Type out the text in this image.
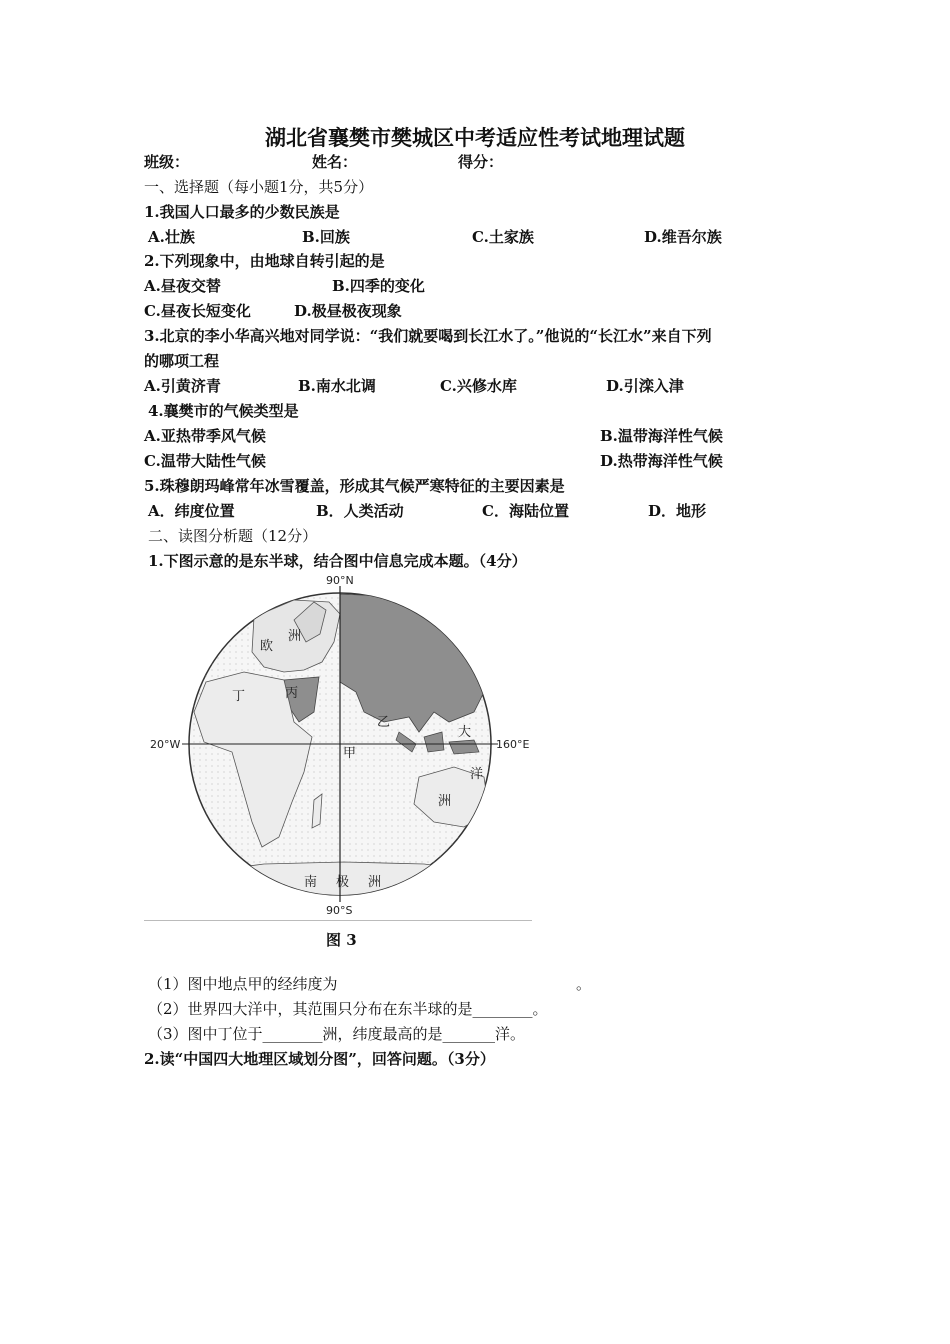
湖北省襄樊市樊城区中考适应性考试地理试题
班级：	姓名：	得分：
一、选择题（每小题1分，共5分）
1.我国人口最多的少数民族是
A.壮族	B.回族	C.土家族	D.维吾尔族
2.下列现象中，由地球自转引起的是
A.昼夜交替	B.四季的变化
C.昼夜长短变化	D.极昼极夜现象
3.北京的李小华高兴地对同学说：“我们就要喝到长江水了。”他说的“长江水”来自下列
的哪项工程
A.引黄济青	B.南水北调	C.兴修水库	D.引滦入津
4.襄樊市的气候类型是
A.亚热带季风气候	B.温带海洋性气候
C.温带大陆性气候	D.热带海洋性气候
5.珠穆朗玛峰常年冰雪覆盖，形成其气候严寒特征的主要因素是
A．纬度位置	B．人类活动	C．海陆位置	D．地形
二、读图分析题（12分）
1.下图示意的是东半球，结合图中信息完成本题。（4分）
90°N
90°S
20°W	160°E
欧
洲
丁	丙
乙
甲
大
洋
洲
南 极 洲
图 3
（1）图中地点甲的经纬度为	。
（2）世界四大洋中，其范围只分布在东半球的是________。
（3）图中丁位于________洲，纬度最高的是_______洋。
2.读“中国四大地理区域划分图”，回答问题。（3分）
